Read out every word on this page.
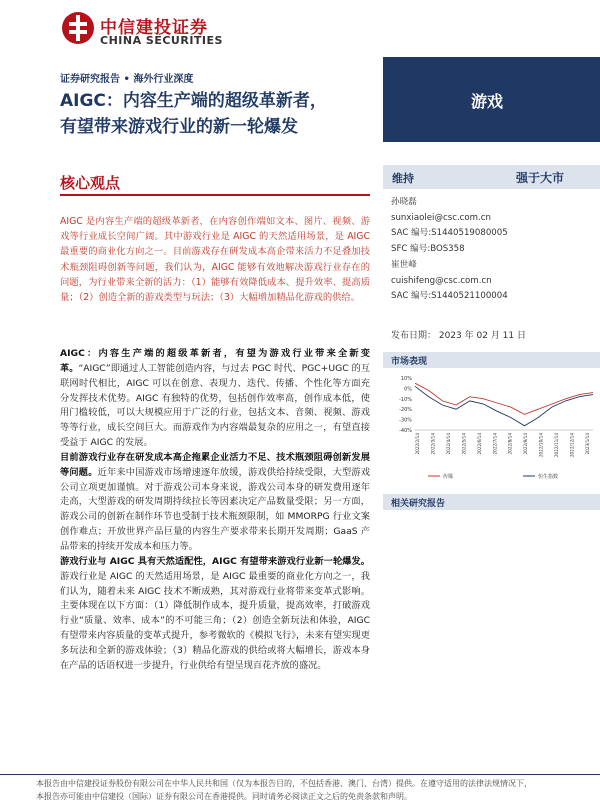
中信建投证券
CHINA SECURITIES
证券研究报告 • 海外行业深度
AIGC：内容生产端的超级革新者，
有望带来游戏行业的新一轮爆发
游戏
核心观点
AIGC 是内容生产端的超级革新者，在内容创作端如文本、图片、视频、游戏等行业成长空间广阔。其中游戏行业是 AIGC 的天然适用场景，是 AIGC 最重要的商业化方向之一。目前游戏存在研发成本高企带来活力不足叠加技术瓶颈阻碍创新等问题，我们认为，AIGC 能够有效地解决游戏行业存在的问题，为行业带来全新的活力：（1）能够有效降低成本、提升效率、提高质量；（2）创造全新的游戏类型与玩法；（3）大幅增加精品化游戏的供给。

AIGC：内容生产端的超级革新者，有望为游戏行业带来全新变革。“AIGC”即通过人工智能创造内容，与过去 PGC 时代、PGC+UGC 的互联网时代相比，AIGC 可以在创意、表现力、迭代、传播、个性化等方面充分发挥技术优势。AIGC 有独特的优势，包括创作效率高，创作成本低，使用门槛较低，可以大规模应用于广泛的行业，包括文本、音频、视频、游戏等等行业，成长空间巨大。而游戏作为内容端最复杂的应用之一，有望直接受益于 AIGC 的发展。

目前游戏行业存在研发成本高企拖累企业活力不足、技术瓶颈阻碍创新发展等问题。近年来中国游戏市场增速逐年放缓，游戏供给持续受限，大型游戏公司立项更加谨慎。对于游戏公司本身来说，游戏公司本身的研发费用逐年走高，大型游戏的研发周期持续拉长等因素决定产品数量受限；另一方面，游戏公司的创新在制作环节也受制于技术瓶颈限制，如 MMORPG 行业文案创作难点；开放世界产品巨量的内容生产要求带来长期开发周期；GaaS 产品带来的持续开发成本和压力等。

游戏行业与 AIGC 具有天然适配性，AIGC 有望带来游戏行业新一轮爆发。游戏行业是 AIGC 的天然适用场景，是 AIGC 最重要的商业化方向之一，我们认为，随着未来 AIGC 技术不断成熟，其对游戏行业将带来变革式影响。主要体现在以下方面：（1）降低制作成本，提升质量，提高效率，打破游戏行业“质量、效率、成本”的不可能三角；（2）创造全新玩法和体验，AIGC 有望带来内容质量的变革式提升，参考微软的《模拟飞行》，未来有望实现更多玩法和全新的游戏体验；（3）精品化游戏的供给或将大幅增长，游戏本身在产品的话语权进一步提升，行业供给有望呈现百花齐放的盛况。

维持	强于大市
孙晓磊
sunxiaolei@csc.com.cn
SAC 编号:S1440519080005
SFC 编号:BOS358
崔世峰
cuishifeng@csc.com.cn
SAC 编号:S1440521100004
发布日期： 2023 年 02 月 11 日
市场表现
10%
0%
-10%
-20%
-30%
-40%
2022/2/14 2022/3/14 2022/4/14 2022/5/14 2022/6/14 2022/7/14 2022/8/14 2022/9/14 2022/10/14 2022/11/14 2022/12/14 2023/1/14
传媒	恒生指数
相关研究报告
本报告由中信建投证券股份有限公司在中华人民共和国（仅为本报告目的，不包括香港、澳门、台湾）提供。在遵守适用的法律法规情况下，
本报告亦可能由中信建投（国际）证券有限公司在香港提供。同时请务必阅读正文之后的免责条款和声明。
